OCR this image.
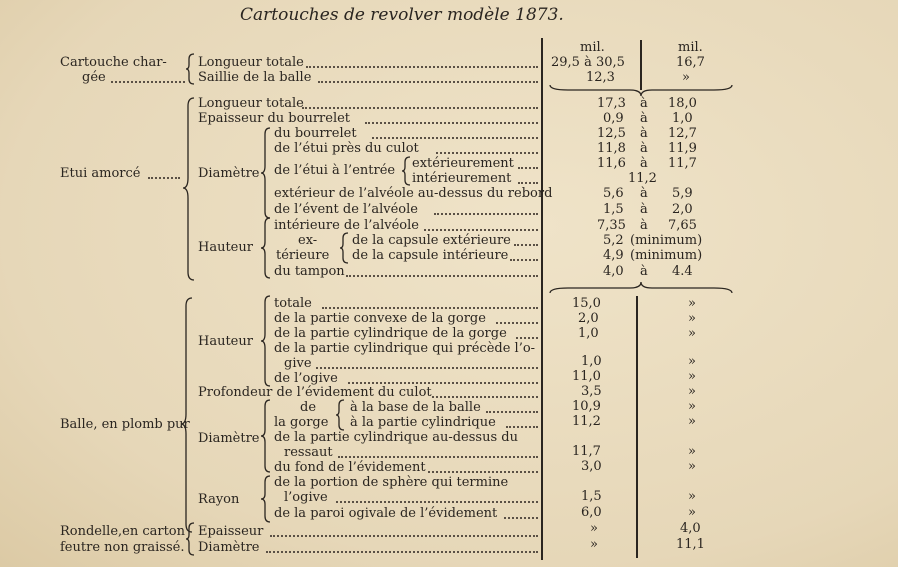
Cartouches de revolver modèle 1873.
mil.	mil.
Cartouche char-
gée
Longueur totale	29,5 à 30,5	16,7
Saillie de la balle	12,3	»
Etui amorcé
Longueur totale	17,3 à 18,0
Epaisseur du bourrelet	0,9 à 1,0
Diamètre
du bourrelet	12,5 à 12,7
de l’étui près du culot	11,8 à 11,9
de l’étui à l’entrée extérieurement	11,6 à 11,7
intérieurement	11,2
extérieur de l’alvéole au-dessus du rebord	5,6 à 5,9
de l’évent de l’alvéole	1,5 à 2,0
Hauteur
intérieure de l’alvéole	7,35 à 7,65
ex-
térieure
de la capsule extérieure	5,2 (minimum)
de la capsule intérieure	4,9 (minimum)
du tampon	4,0 à 4.4
Balle, en plomb pur
Hauteur
totale	15,0	»
de la partie convexe de la gorge	2,0	»
de la partie cylindrique de la gorge	1,0	»
de la partie cylindrique qui précède l’o-
give	1,0	»
de l’ogive	11,0	»
Profondeur de l’évidement du culot	3,5	»
Diamètre
de
la gorge
à la base de la balle	10,9	»
à la partie cylindrique	11,2	»
de la partie cylindrique au-dessus du
ressaut	11,7	»
du fond de l’évidement	3,0	»
Rayon
de la portion de sphère qui termine
l’ogive	1,5	»
de la paroi ogivale de l’évidement	6,0	»
Rondelle,en carton
feutre non graissé.
Epaisseur	»	4,0
Diamètre	»	11,1
